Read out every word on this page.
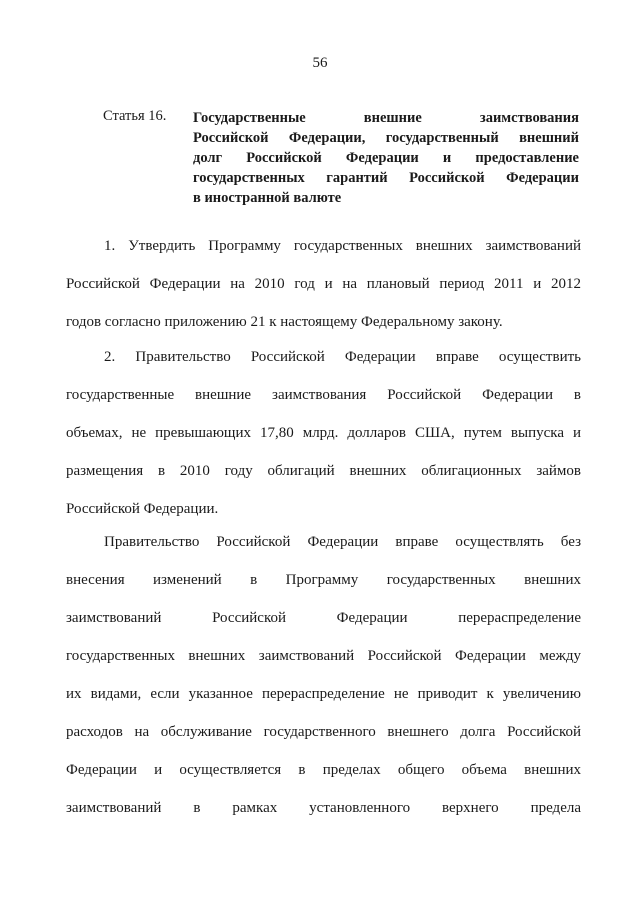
56
Статья 16. Государственные внешние заимствования
Российской Федерации, государственный внешний
долг Российской Федерации и предоставление
государственных гарантий Российской Федерации
в иностранной валюте
1. Утвердить Программу государственных внешних заимствований
Российской Федерации на 2010 год и на плановый период 2011 и 2012
годов согласно приложению 21 к настоящему Федеральному закону.
2. Правительство Российской Федерации вправе осуществить
государственные внешние заимствования Российской Федерации в
объемах, не превышающих 17,80 млрд. долларов США, путем выпуска и
размещения в 2010 году облигаций внешних облигационных займов
Российской Федерации.
Правительство Российской Федерации вправе осуществлять без
внесения изменений в Программу государственных внешних
заимствований Российской Федерации перераспределение
государственных внешних заимствований Российской Федерации между
их видами, если указанное перераспределение не приводит к увеличению
расходов на обслуживание государственного внешнего долга Российской
Федерации и осуществляется в пределах общего объема внешних
заимствований в рамках установленного верхнего предела
